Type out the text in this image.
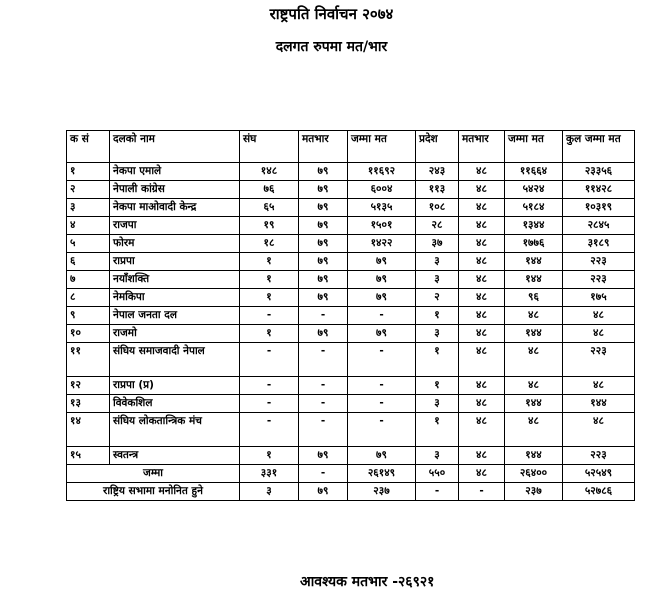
राष्ट्रपति निर्वाचन २०७४
दलगत रुपमा मत/भार
क सं	दलको नाम	संघ	मतभार	जम्मा मत	प्रदेश	मतभार	जम्मा मत	कुल जम्मा मत
१	नेकपा एमाले	१४८	७९	११६९२	२४३	४८	११६६४	२३३५६
२	नेपाली कांग्रेस	७६	७९	६००४	११३	४८	५४२४	११४२८
३	नेकपा माओवादी केन्द्र	६५	७९	५१३५	१०८	४८	५१८४	१०३१९
४	राजपा	१९	७९	१५०१	२८	४८	१३४४	२८४५
५	फोरम	१८	७९	१४२२	३७	४८	१७७६	३१८९
६	राप्रपा	१	७९	७९	३	४८	१४४	२२३
७	नयाँशक्ति	१	७९	७९	३	४८	१४४	२२३
८	नेमकिपा	१	७९	७९	२	४८	९६	१७५
९	नेपाल जनता दल	-	-	-	१	४८	४८	४८
१०	राजमो	१	७९	७९	३	४८	१४४	४८
११	संघिय समाजवादी नेपाल	-	-	-	१	४८	४८	२२३
१२	राप्रपा (प्र)	-	-	-	१	४८	४८	४८
१३	विवेकशिल	-	-	-	३	४८	१४४	१४४
१४	संघिय लोकतान्त्रिक मंच	-	-	-	१	४८	४८	४८
१५	स्वतन्त्र	१	७९	७९	३	४८	१४४	२२३
जम्मा		३३१	-	२६१४९	५५०	४८	२६४००	५२५४९
राष्ट्रिय सभामा मनोनित हुने		३	७९	२३७	-	-	२३७	५२७८६
आवश्यक मतभार -२६९२१
